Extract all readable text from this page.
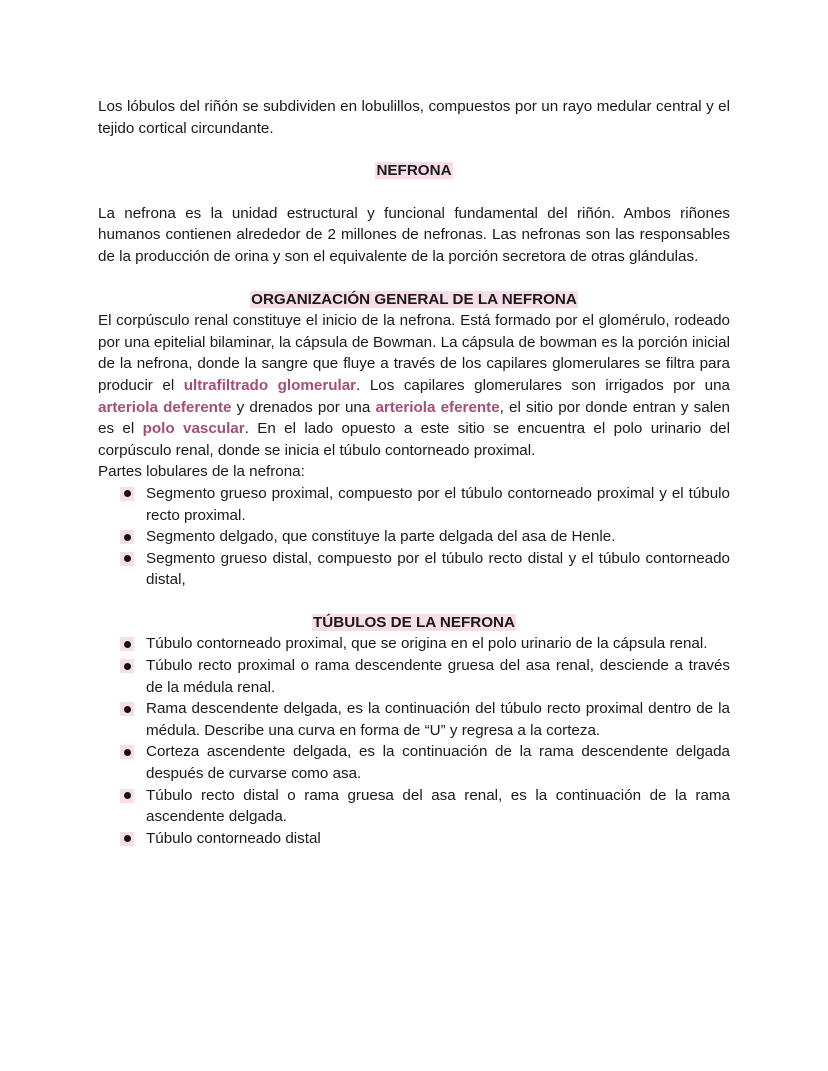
Los lóbulos del riñón se subdividen en lobulillos, compuestos por un rayo medular central y el tejido cortical circundante.

NEFRONA

La nefrona es la unidad estructural y funcional fundamental del riñón. Ambos riñones humanos contienen alrededor de 2 millones de nefronas. Las nefronas son las responsables de la producción de orina y son el equivalente de la porción secretora de otras glándulas.

ORGANIZACIÓN GENERAL DE LA NEFRONA

El corpúsculo renal constituye el inicio de la nefrona. Está formado por el glomérulo, rodeado por una epitelial bilaminar, la cápsula de Bowman. La cápsula de bowman es la porción inicial de la nefrona, donde la sangre que fluye a través de los capilares glomerulares se filtra para producir el ultrafiltrado glomerular. Los capilares glomerulares son irrigados por una arteriola deferente y drenados por una arteriola eferente, el sitio por donde entran y salen es el polo vascular. En el lado opuesto a este sitio se encuentra el polo urinario del corpúsculo renal, donde se inicia el túbulo contorneado proximal.

Partes lobulares de la nefrona:

Segmento grueso proximal, compuesto por el túbulo contorneado proximal y el túbulo recto proximal.
Segmento delgado, que constituye la parte delgada del asa de Henle.
Segmento grueso distal, compuesto por el túbulo recto distal y el túbulo contorneado distal,
TÚBULOS DE LA NEFRONA
Túbulo contorneado proximal, que se origina en el polo urinario de la cápsula renal.
Túbulo recto proximal o rama descendente gruesa del asa renal, desciende a través de la médula renal.
Rama descendente delgada, es la continuación del túbulo recto proximal dentro de la médula. Describe una curva en forma de “U” y regresa a la corteza.
Corteza ascendente delgada, es la continuación de la rama descendente delgada después de curvarse como asa.
Túbulo recto distal o rama gruesa del asa renal, es la continuación de la rama ascendente delgada.
Túbulo contorneado distal
